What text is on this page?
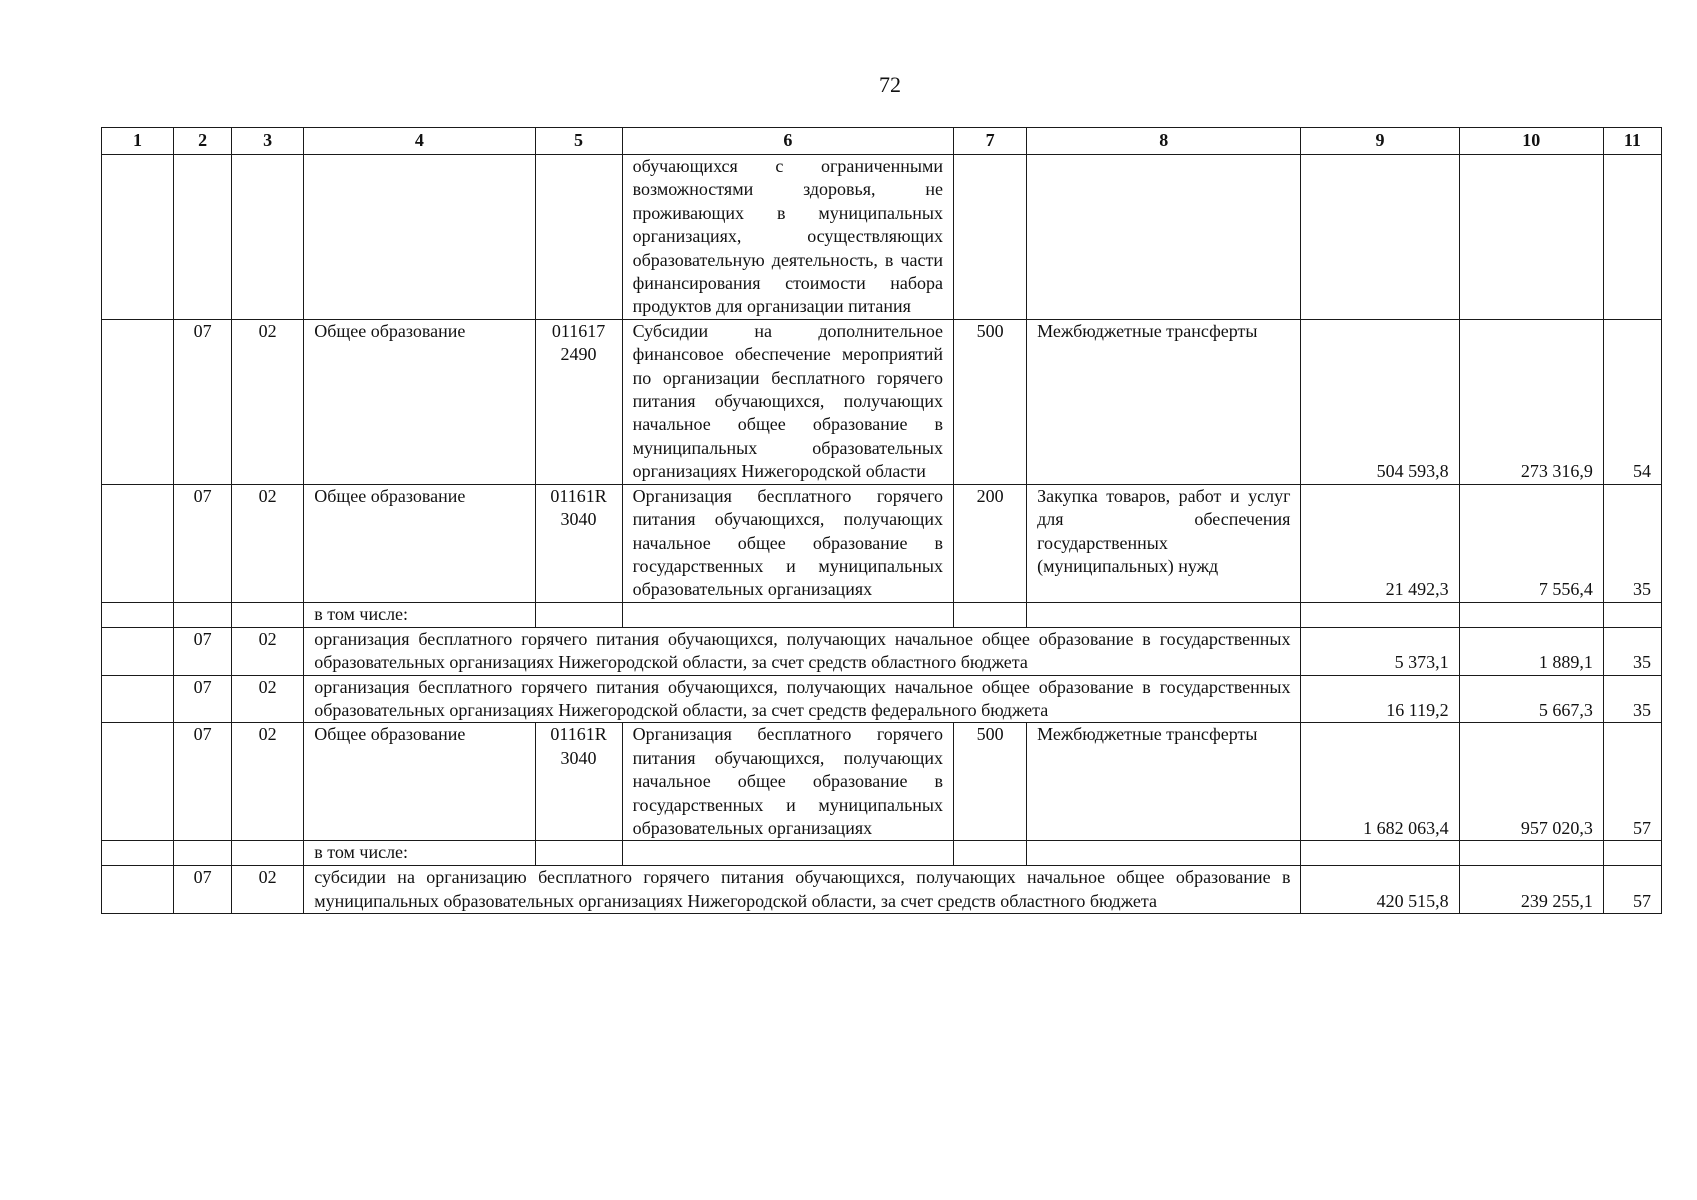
72
1	2	3	4	5	6	7	8	9	10	11
					обучающихся с ограниченными возможностями здоровья, не проживающих в муниципальных организациях, осуществляющих образовательную деятельность, в части финансирования стоимости набора продуктов для организации питания					
	07	02	Общее образование	011617 2490	Субсидии на дополнительное финансовое обеспечение мероприятий по организации бесплатного горячего питания обучающихся, получающих начальное общее образование в муниципальных образовательных организациях Нижегородской области	500	Межбюджетные трансферты	504 593,8	273 316,9	54
	07	02	Общее образование	01161R 3040	Организация бесплатного горячего питания обучающихся, получающих начальное общее образование в государственных и муниципальных образовательных организациях	200	Закупка товаров, работ и услуг для обеспечения государственных (муниципальных) нужд	21 492,3	7 556,4	35
			в том числе:							
	07	02	организация бесплатного горячего питания обучающихся, получающих начальное общее образование в государственных образовательных организациях Нижегородской области, за счет средств областного бюджета					5 373,1	1 889,1	35
	07	02	организация бесплатного горячего питания обучающихся, получающих начальное общее образование в государственных образовательных организациях Нижегородской области, за счет средств федерального бюджета					16 119,2	5 667,3	35
	07	02	Общее образование	01161R 3040	Организация бесплатного горячего питания обучающихся, получающих начальное общее образование в государственных и муниципальных образовательных организациях	500	Межбюджетные трансферты	1 682 063,4	957 020,3	57
			в том числе:							
	07	02	субсидии на организацию бесплатного горячего питания обучающихся, получающих начальное общее образование в муниципальных образовательных организациях Нижегородской области, за счет средств областного бюджета					420 515,8	239 255,1	57
